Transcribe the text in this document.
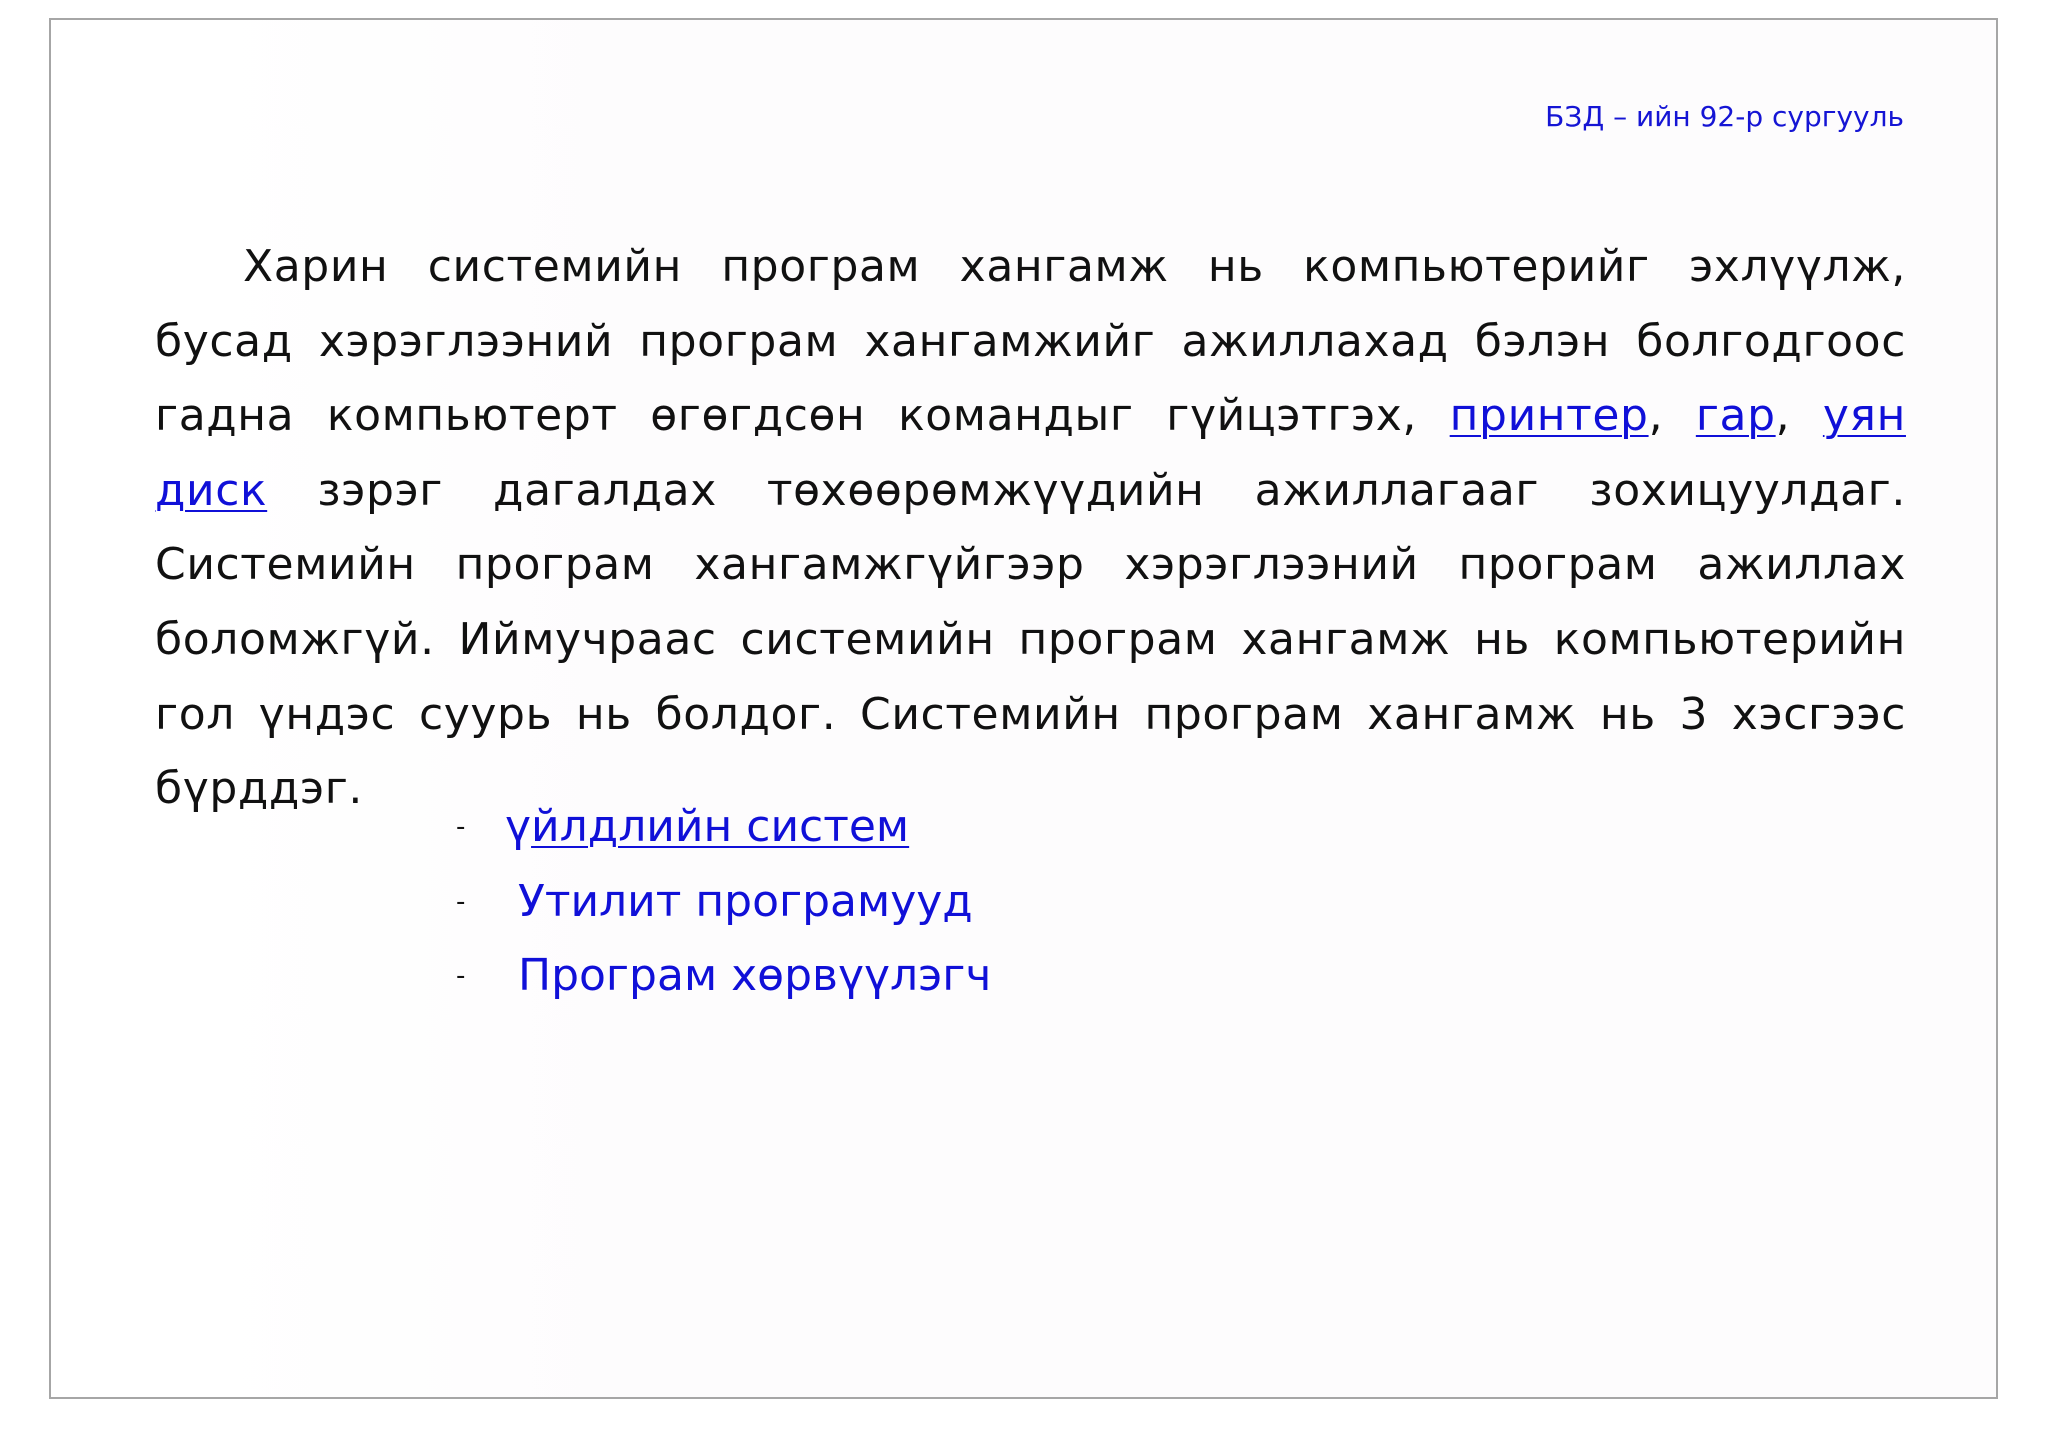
БЗД – ийн 92-р сургууль

Харин системийн програм хангамж нь компьютерийг эхлүүлж, бусад хэрэглээний програм хангамжийг ажиллахад бэлэн болгодгоос гадна компьютерт өгөгдсөн командыг гүйцэтгэх, принтер, гар, уян диск зэрэг дагалдах төхөөрөмжүүдийн ажиллагааг зохицуулдаг. Системийн програм хангамжгүйгээр хэрэглээний програм ажиллах боломжгүй. Иймучраас системийн програм хангамж нь компьютерийн гол үндэс суурь нь болдог. Системийн програм хангамж нь 3 хэсгээс бүрддэг.

- үйлдлийн систем
- Утилит програмууд
- Програм хөрвүүлэгч
